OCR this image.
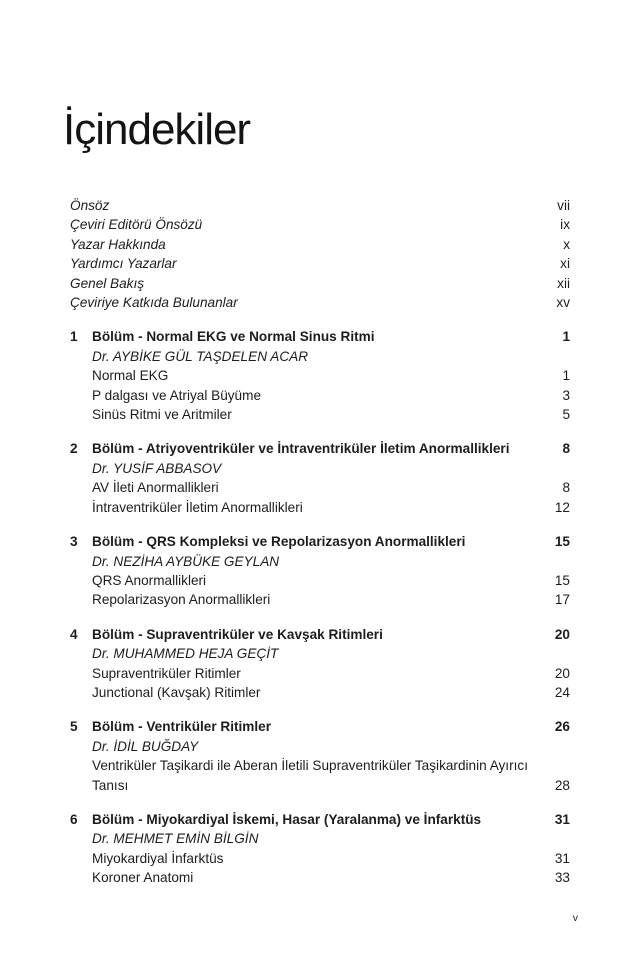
İçindekiler
Önsöz	vii
Çeviri Editörü Önsözü	ix
Yazar Hakkında	x
Yardımcı Yazarlar	xi
Genel Bakış	xii
Çeviriye Katkıda Bulunanlar	xv
1	Bölüm - Normal EKG ve Normal Sinus Ritmi	1
Dr. AYBİKE GÜL TAŞDELEN ACAR
Normal EKG	1
P dalgası ve Atriyal Büyüme	3
Sinüs Ritmi ve Aritmiler	5
2	Bölüm - Atriyoventriküler ve İntraventriküler İletim Anormallikleri	8
Dr. YUSİF ABBASOV
AV İleti Anormallikleri	8
İntraventriküler İletim Anormallikleri	12
3	Bölüm - QRS Kompleksi ve Repolarizasyon Anormallikleri	15
Dr. NEZİHA AYBÜKE GEYLAN
QRS Anormallikleri	15
Repolarizasyon Anormallikleri	17
4	Bölüm - Supraventriküler ve Kavşak Ritimleri	20
Dr. MUHAMMED HEJA GEÇİT
Supraventriküler Ritimler	20
Junctional (Kavşak) Ritimler	24
5	Bölüm - Ventriküler Ritimler	26
Dr. İDİL BUĞDAY
Ventriküler Taşikardi ile Aberan İletili Supraventriküler Taşikardinin Ayırıcı Tanısı	28
6	Bölüm - Miyokardiyal İskemi, Hasar (Yaralanma) ve İnfarktüs	31
Dr. MEHMET EMİN BİLGİN
Miyokardiyal İnfarktüs	31
Koroner Anatomi	33
v
